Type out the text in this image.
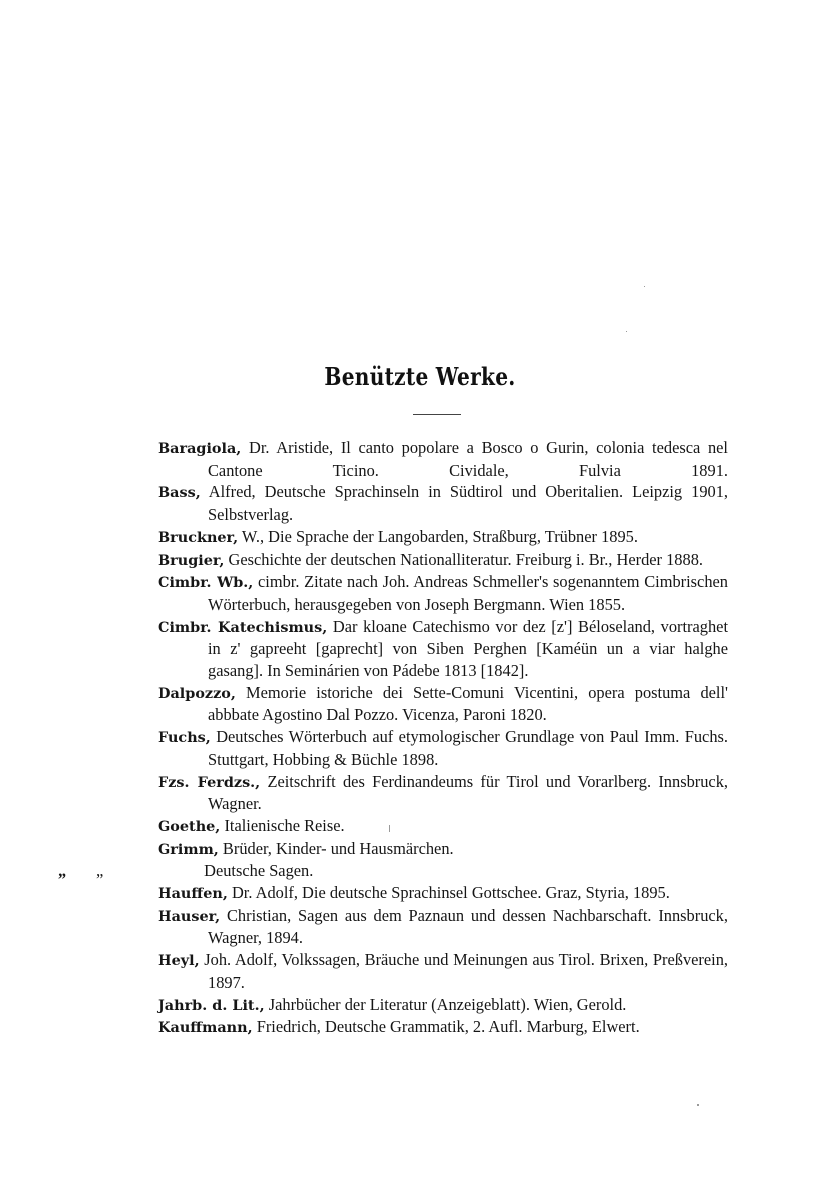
Benützte Werke.
Baragiola, Dr. Aristide, Il canto popolare a Bosco o Gurin, colonia tedesca nel Cantone Ticino. Cividale, Fulvia 1891.
Bass, Alfred, Deutsche Sprachinseln in Südtirol und Oberitalien. Leipzig 1901, Selbstverlag.
Bruckner, W., Die Sprache der Langobarden, Straßburg, Trübner 1895.
Brugier, Geschichte der deutschen Nationalliteratur. Freiburg i. Br., Herder 1888.
Cimbr. Wb., cimbr. Zitate nach Joh. Andreas Schmeller's sogenanntem Cimbrischen Wörterbuch, herausgegeben von Joseph Bergmann. Wien 1855.
Cimbr. Katechismus, Dar kloane Catechismo vor dez [z'] Béloseland, vortraghet in z' gapreeht [gaprecht] von Siben Perghen [Kaméün un a viar halghe gasang]. In Seminárien von Pádebe 1813 [1842].
Dalpozzo, Memorie istoriche dei Sette-Comuni Vicentini, opera postuma dell' abbbate Agostino Dal Pozzo. Vicenza, Paroni 1820.
Fuchs, Deutsches Wörterbuch auf etymologischer Grundlage von Paul Imm. Fuchs. Stuttgart, Hobbing & Büchle 1898.
Fzs. Ferdzs., Zeitschrift des Ferdinandeums für Tirol und Vorarlberg. Innsbruck, Wagner.
Goethe, Italienische Reise.
Grimm, Brüder, Kinder- und Hausmärchen.
„ „	Deutsche Sagen.
Hauffen, Dr. Adolf, Die deutsche Sprachinsel Gottschee. Graz, Styria, 1895.
Hauser, Christian, Sagen aus dem Paznaun und dessen Nachbarschaft. Innsbruck, Wagner, 1894.
Heyl, Joh. Adolf, Volkssagen, Bräuche und Meinungen aus Tirol. Brixen, Preßverein, 1897.
Jahrb. d. Lit., Jahrbücher der Literatur (Anzeigeblatt). Wien, Gerold.
Kauffmann, Friedrich, Deutsche Grammatik, 2. Aufl. Marburg, Elwert.
